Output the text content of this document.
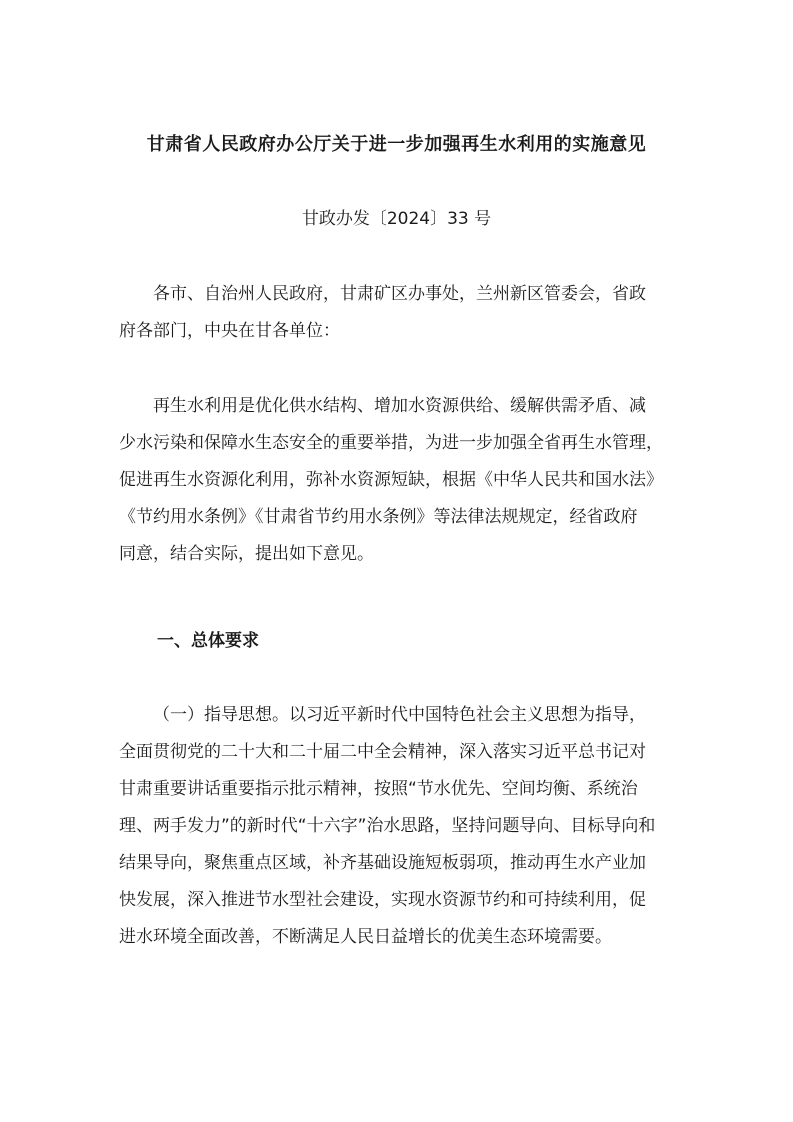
甘肃省人民政府办公厅关于进一步加强再生水利用的实施意见
甘政办发〔2024〕33 号
各市、自治州人民政府，甘肃矿区办事处，兰州新区管委会，省政
府各部门，中央在甘各单位：
再生水利用是优化供水结构、增加水资源供给、缓解供需矛盾、减
少水污染和保障水生态安全的重要举措，为进一步加强全省再生水管理，
促进再生水资源化利用，弥补水资源短缺，根据《中华人民共和国水法》
《节约用水条例》《甘肃省节约用水条例》等法律法规规定，经省政府
同意，结合实际，提出如下意见。
一、总体要求
（一）指导思想。以习近平新时代中国特色社会主义思想为指导，
全面贯彻党的二十大和二十届二中全会精神，深入落实习近平总书记对
甘肃重要讲话重要指示批示精神，按照“节水优先、空间均衡、系统治
理、两手发力”的新时代“十六字”治水思路，坚持问题导向、目标导向和
结果导向，聚焦重点区域，补齐基础设施短板弱项，推动再生水产业加
快发展，深入推进节水型社会建设，实现水资源节约和可持续利用，促
进水环境全面改善，不断满足人民日益增长的优美生态环境需要。
